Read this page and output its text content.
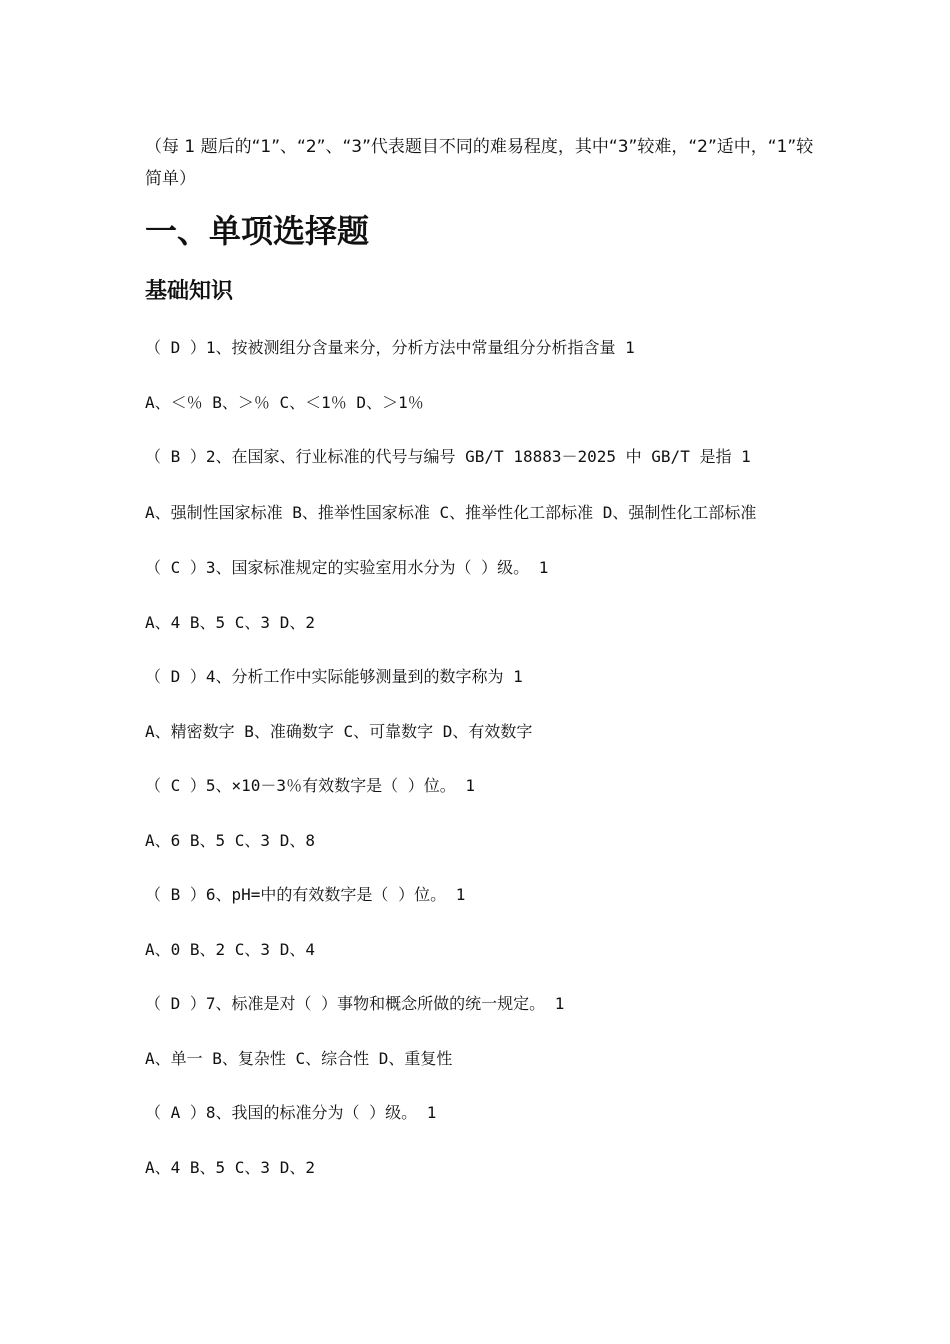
（每 1 题后的“1”、“2”、“3”代表题目不同的难易程度，其中“3”较难，“2”适中，“1”较简单）

一、单项选择题
基础知识

（ D ）1、按被测组分含量来分，分析方法中常量组分分析指含量 1

A、＜％ B、＞％ C、＜1％ D、＞1％

（ B ）2、在国家、行业标准的代号与编号 GB/T 18883－2025 中 GB/T 是指 1

A、强制性国家标准 B、推举性国家标准 C、推举性化工部标准 D、强制性化工部标准

（ C ）3、国家标准规定的实验室用水分为（ ）级。 1

A、4 B、5 C、3 D、2

（ D ）4、分析工作中实际能够测量到的数字称为 1

A、精密数字 B、准确数字 C、可靠数字 D、有效数字

（ C ）5、×10－3％有效数字是（ ）位。 1

A、6 B、5 C、3 D、8

（ B ）6、pH=中的有效数字是（ ）位。 1

A、0 B、2 C、3 D、4

（ D ）7、标准是对（ ）事物和概念所做的统一规定。 1

A、单一 B、复杂性 C、综合性 D、重复性

（ A ）8、我国的标准分为（ ）级。 1

A、4 B、5 C、3 D、2
